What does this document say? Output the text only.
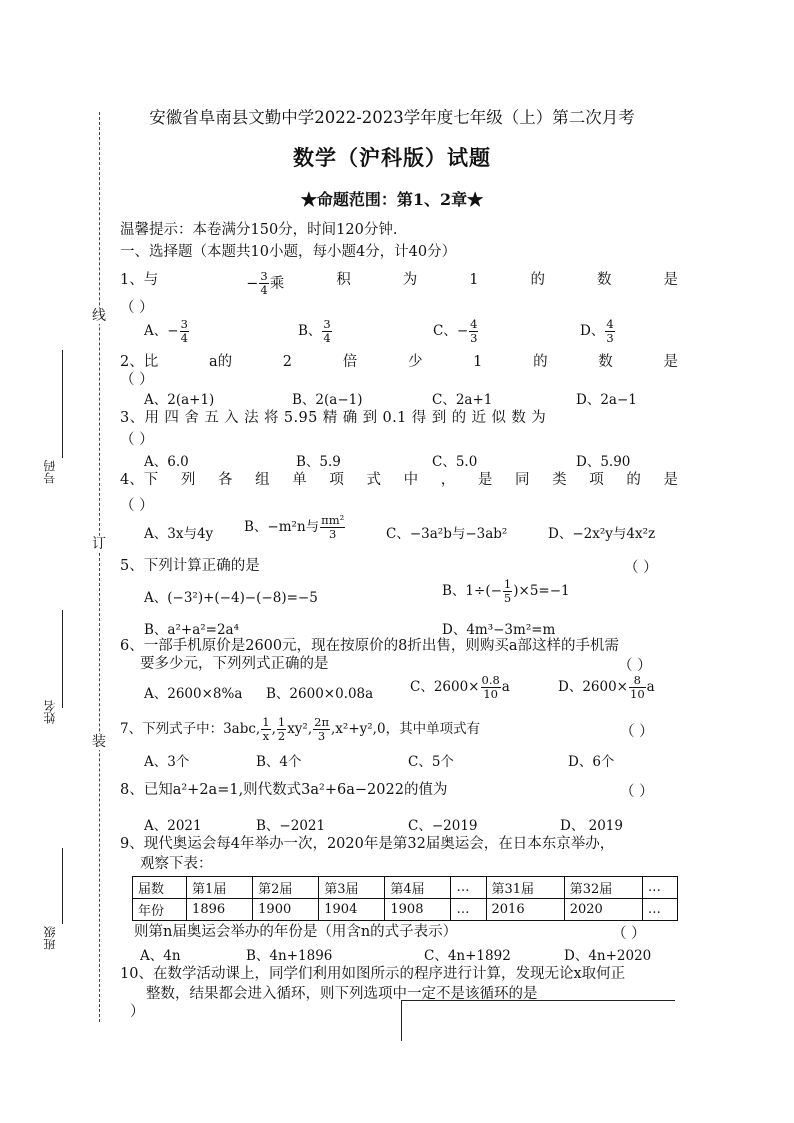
线
订
装
号码
姓名
班级
安徽省阜南县文勤中学2022-2023学年度七年级（上）第二次月考
数学（沪科版）试题
★命题范围：第1、2章★
温馨提示：本卷满分150分，时间120分钟.
一、选择题（本题共10小题，每小题4分，计40分）
1、与	− $\frac{3}{4}$ 乘	积	为	1	的	数	是
（ ）
A、− $\frac{3}{4}$	B、 $\frac{3}{4}$	C、− $\frac{4}{3}$	D、 $\frac{4}{3}$
2、比	a的	2	倍	少	1	的	数	是
（ ）
A、2(a+1)	B、2(a−1)	C、2a+1	D、2a−1
3、用 四 舍 五 入 法 将 5.95 精 确 到 0.1 得 到 的 近 似 数 为
（ ）
A、6.0	B、5.9	C、5.0	D、5.90
4、下 列 各 组 单 项 式 中 ， 是 同 类 项 的 是
（ ）
A、3x与4y B、−m²n与 $\frac{\text{πm²}}{3}$	C、−3a²b与−3ab²	D、−2x²y与4x²z
5、下列计算正确的是	（ ）
A、(−3²)+(−4)−(−8)=−5	B、$1\div(- \frac{1}{5} )\times 5=-1$
B、a²+a²=2a⁴	D、4m³−3m²=m
6、一部手机原价是2600元，现在按原价的8折出售，则购买a部这样的手机需
要多少元，下列列式正确的是	（ ）
A、2600×8%a B、2600×0.08a	C、$2600\times \frac{0.8}{10}$ a	D、$2600\times \frac{8}{10}$ a
7、下列式子中：3abc, $\frac{1}{x}$ , $\frac{1}{2} xy^2$, $\frac{2\pi}{3} ,x^2+y^2,0$，其中单项式有	（ ）
A、3个	B、4个	C、5个	D、6个
8、已知a²+2a=1,则代数式3a²+6a−2022的值为	（ ）
A、2021	B、−2021	C、−2019	D、 2019
9、现代奥运会每4年举办一次，2020年是第32届奥运会，在日本东京举办，
观察下表：
届数	第1届	第2届	第3届	第4届	…	第31届	第32届	…
年份	1896	1900	1904	1908	…	2016	2020	…
则第n届奥运会举办的年份是（用含n的式子表示）	（ ）
A、4n	B、4n+1896	C、4n+1892	D、4n+2020
10、在数学活动课上，同学们利用如图所示的程序进行计算，发现无论x取何正
整数，结果都会进入循环，则下列选项中一定不是该循环的是
）
